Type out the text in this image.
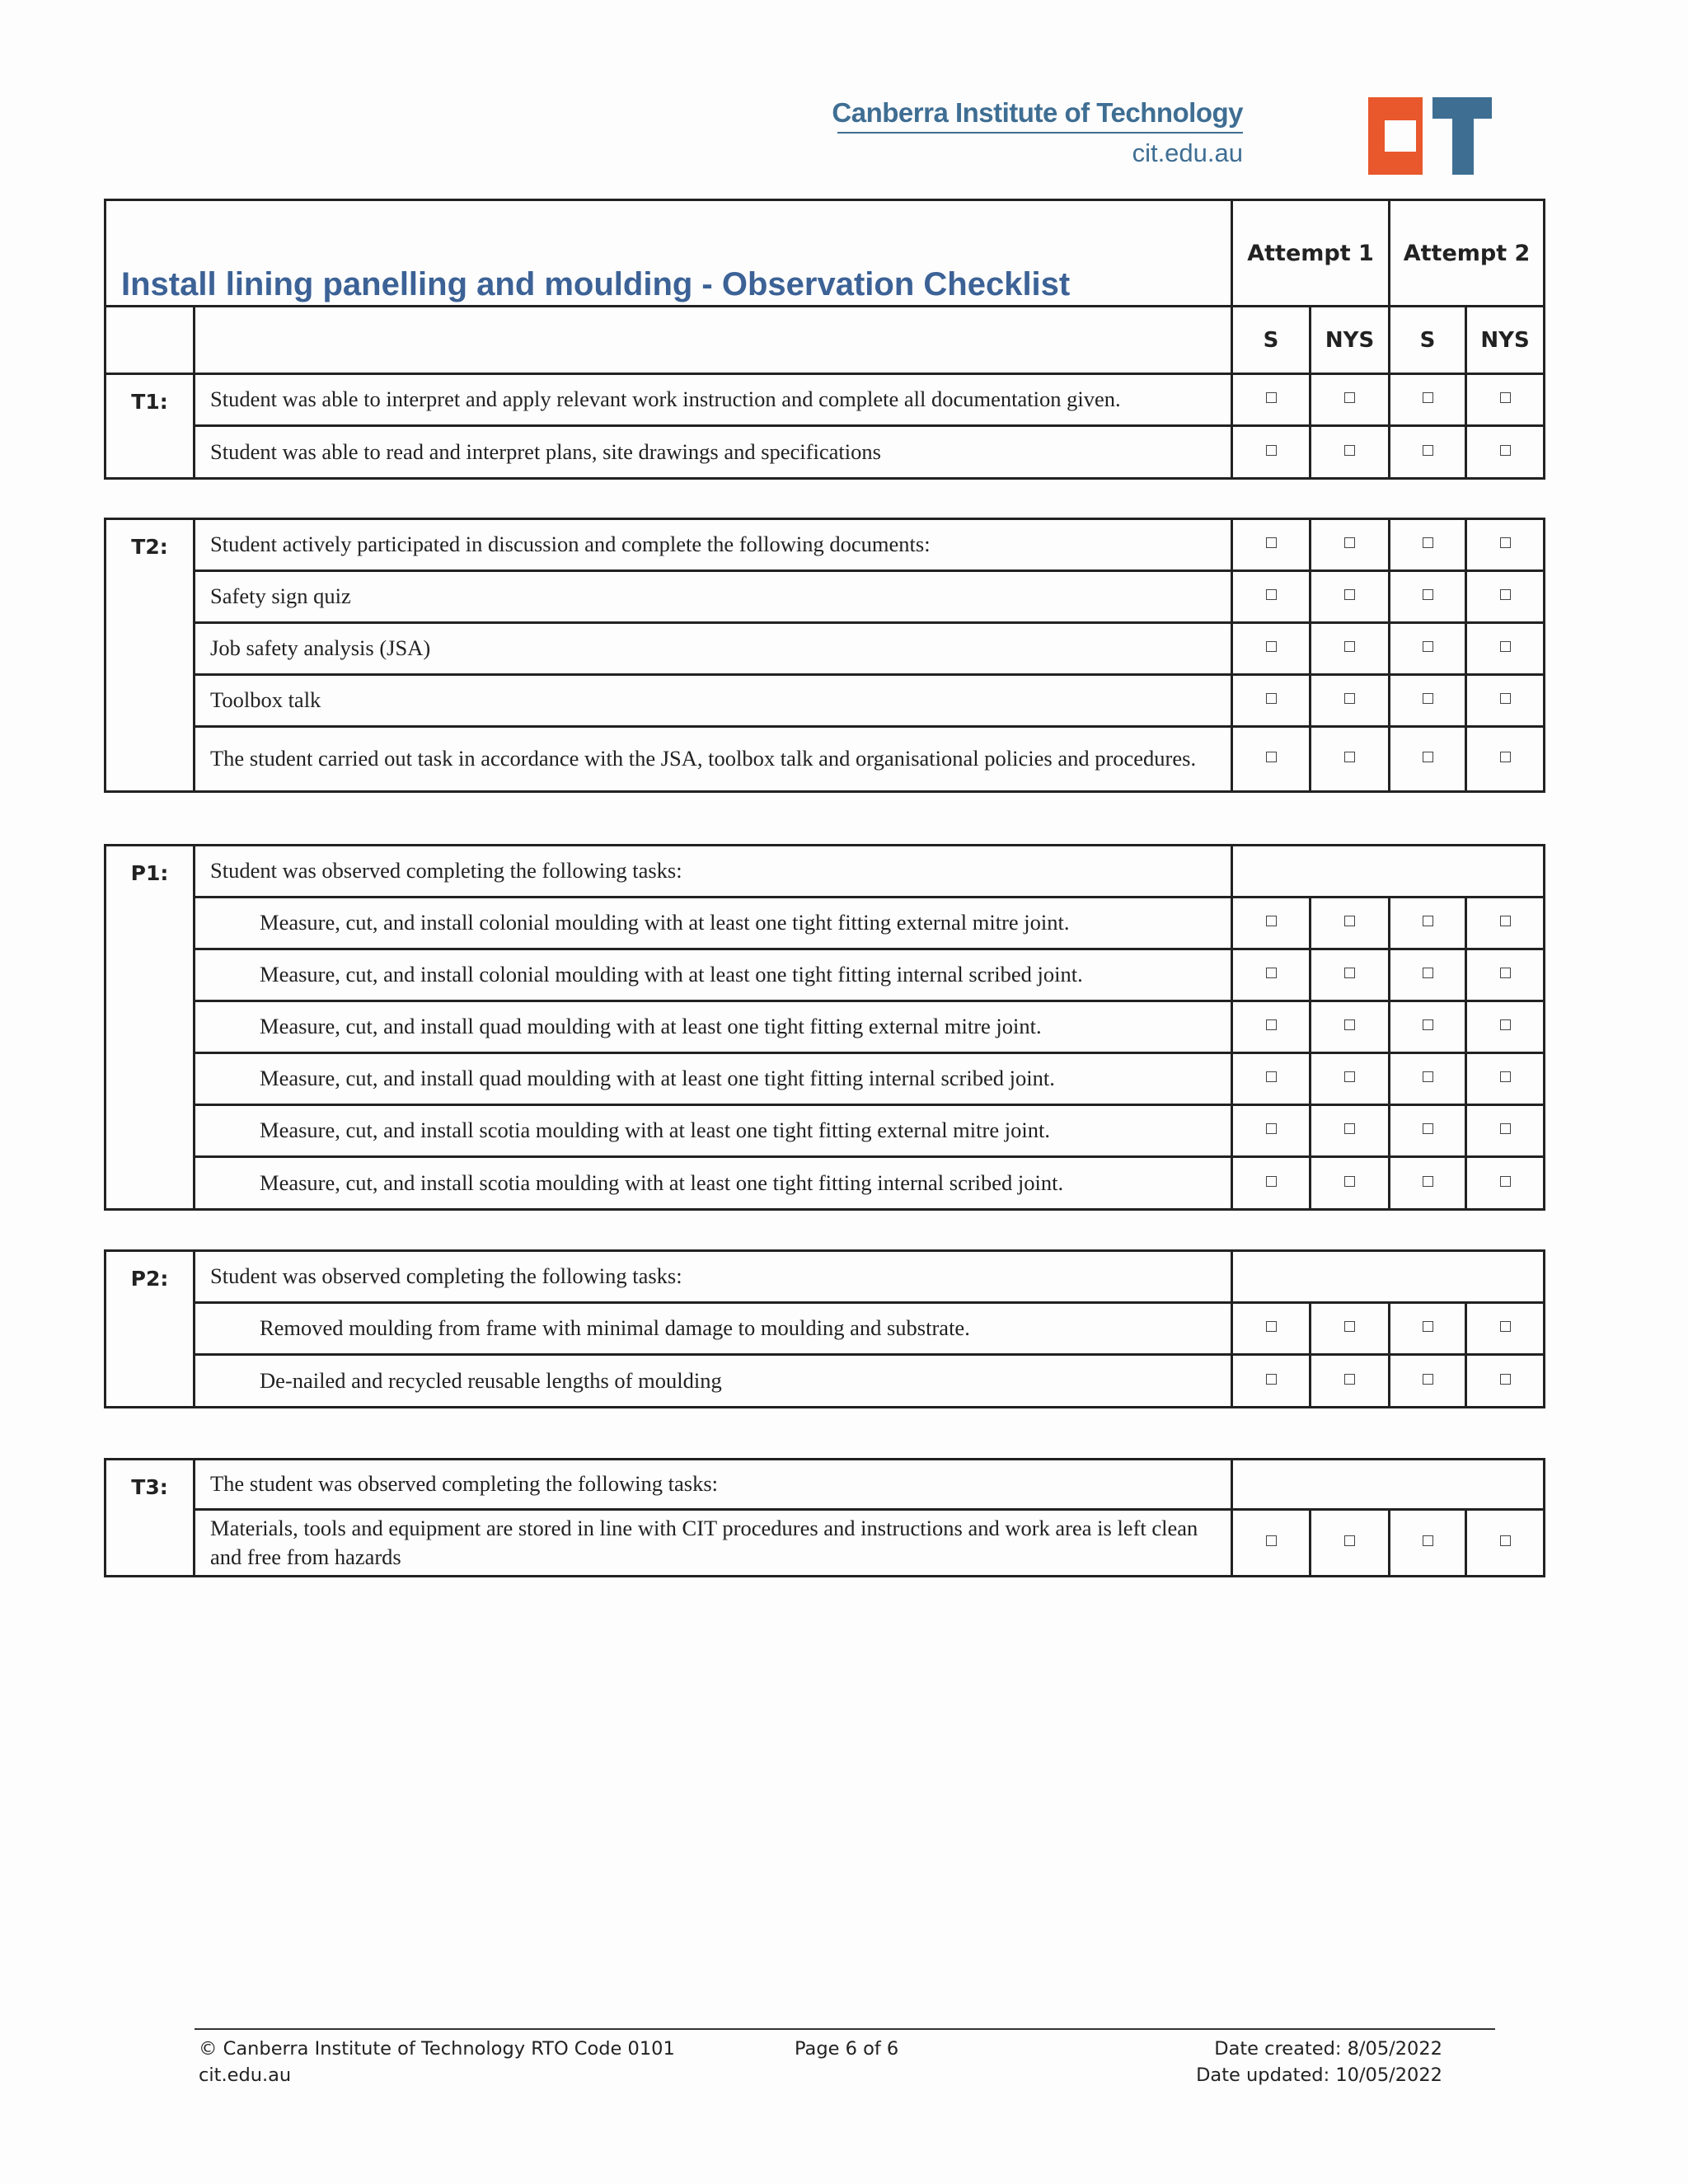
Canberra Institute of Technology
cit.edu.au
Install lining panelling and moulding - Observation Checklist		Attempt 1		Attempt 2	
		S	NYS	S	NYS
T1:	Student was able to interpret and apply relevant work instruction and complete all documentation given.				
	Student was able to read and interpret plans, site drawings and specifications				
T2:	Student actively participated in discussion and complete the following documents:				
	Safety sign quiz				
	Job safety analysis (JSA)				
	Toolbox talk				
	The student carried out task in accordance with the JSA, toolbox talk and organisational policies and procedures.				
P1:	Student was observed completing the following tasks:				
	Measure, cut, and install colonial moulding with at least one tight fitting external mitre joint.				
	Measure, cut, and install colonial moulding with at least one tight fitting internal scribed joint.				
	Measure, cut, and install quad moulding with at least one tight fitting external mitre joint.				
	Measure, cut, and install quad moulding with at least one tight fitting internal scribed joint.				
	Measure, cut, and install scotia moulding with at least one tight fitting external mitre joint.				
	Measure, cut, and install scotia moulding with at least one tight fitting internal scribed joint.				
P2:	Student was observed completing the following tasks:				
	Removed moulding from frame with minimal damage to moulding and substrate.				
	De-nailed and recycled reusable lengths of moulding				
T3:	The student was observed completing the following tasks:				
	Materials, tools and equipment are stored in line with CIT procedures and instructions and work area is left clean and free from hazards				
© Canberra Institute of Technology RTO Code 0101
cit.edu.au
Page 6 of 6	Date created: 8/05/2022
Date updated: 10/05/2022
